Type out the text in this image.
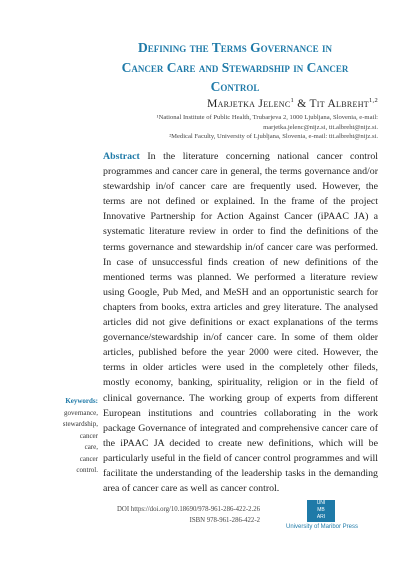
Defining the Terms Governance in
Cancer Care and Stewardship in Cancer
Control
Marjetka Jelenc$^1$ & Tit Albreht$^{1,2}$
¹National Institute of Public Health, Trubarjeva 2, 1000 Ljubljana, Slovenia, e-mail:
marjetka.jelenc@nijz.si, tit.albreht@nijz.si.
²Medical Faculty, University of Ljubljana, Slovenia, e-mail: tit.albreht@nijz.si.
Abstract In the literature concerning national cancer control programmes and cancer care in general, the terms governance and/or stewardship in/of cancer care are frequently used. However, the terms are not defined or explained. In the frame of the project Innovative Partnership for Action Against Cancer (iPAAC JA) a systematic literature review in order to find the definitions of the terms governance and stewardship in/of cancer care was performed. In case of unsuccessful finds creation of new definitions of the mentioned terms was planned. We performed a literature review using Google, Pub Med, and MeSH and an opportunistic search for chapters from books, extra articles and grey literature. The analysed articles did not give definitions or exact explanations of the terms governance/stewardship in/of cancer care. In some of them older articles, published before the year 2000 were cited. However, the terms in older articles were used in the completely other fileds, mostly economy, banking, spirituality, religion or in the field of clinical governance. The working group of experts from different European institutions and countries collaborating in the work package Governance of integrated and comprehensive cancer care of the iPAAC JA decided to create new definitions, which will be particularly useful in the field of cancer control programmes and will facilitate the understanding of the leadership tasks in the demanding area of cancer care as well as cancer control.
Keywords:
governance,
stewardship,
cancer
care,
cancer
control.
DOI https://doi.org/10.18690/978-961-286-422-2.26
ISBN 978-961-286-422-2
UNI
MB
ARI
University of Maribor Press
